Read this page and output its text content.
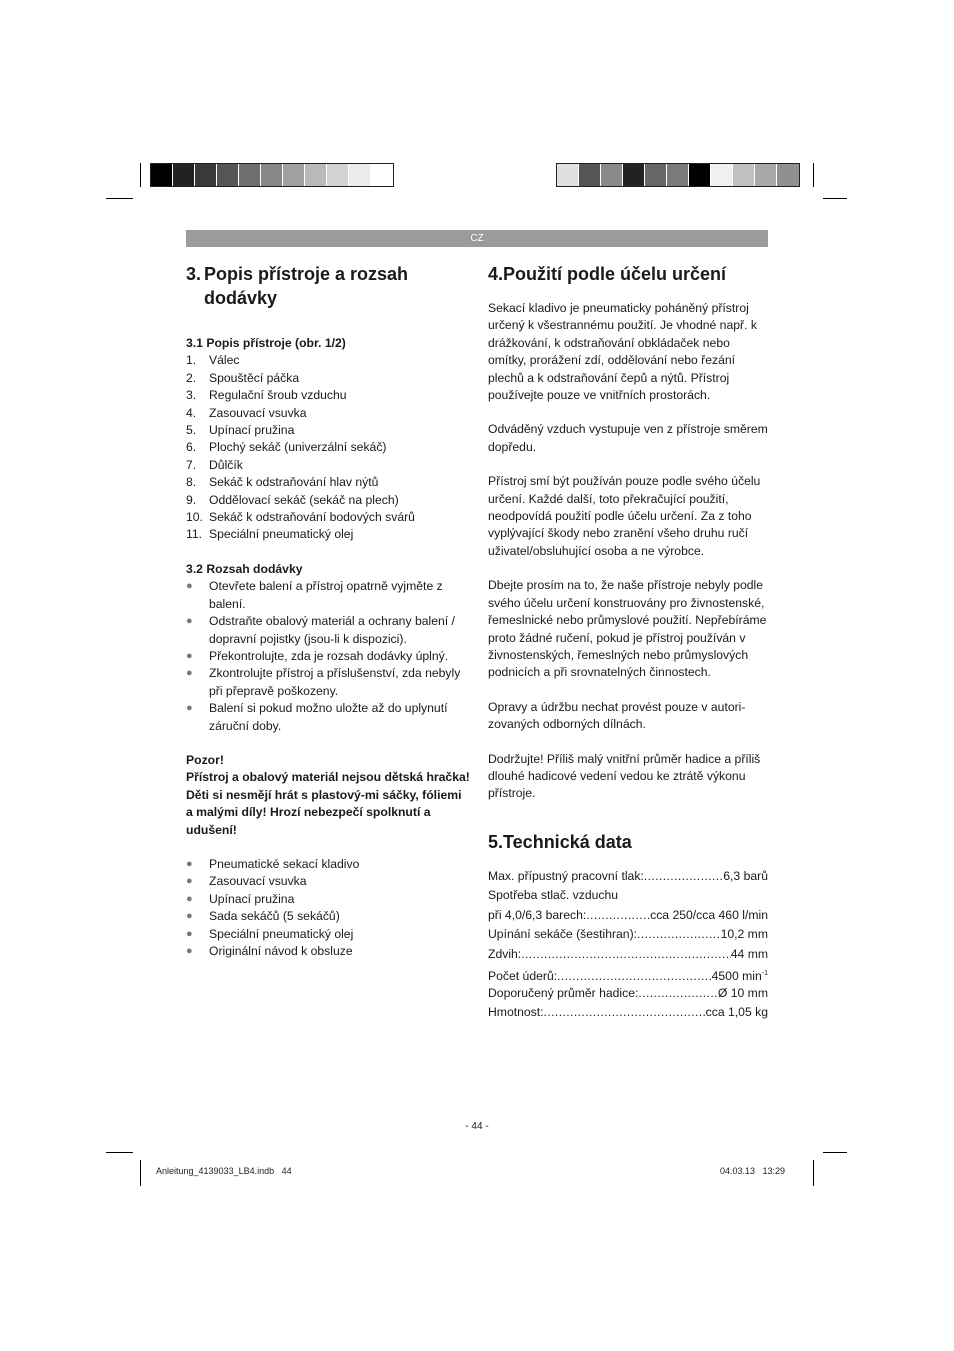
CZ
3. Popis přístroje a rozsah
dodávky

3.1 Popis přístroje (obr. 1/2)

1.	Válec
2.	Spouštěcí páčka
3.	Regulační šroub vzduchu
4.	Zasouvací vsuvka
5.	Upínací pružina
6.	Plochý sekáč (univerzální sekáč)
7.	Důlčík
8.	Sekáč k odstraňování hlav nýtů
9.	Oddělovací sekáč (sekáč na plech)
10. Sekáč k odstraňování bodových svárů
11. Speciální pneumatický olej

3.2 Rozsah dodávky

●	Otevřete balení a přístroj opatrně vyjměte z balení.
●	Odstraňte obalový materiál a ochrany balení / dopravní pojistky (jsou-li k dispozici).
●	Překontrolujte, zda je rozsah dodávky úplný.
●	Zkontrolujte přístroj a příslušenství, zda nebyly při přepravě poškozeny.
●	Balení si pokud možno uložte až do uplynutí záruční doby.

Pozor!

Přístroj a obalový materiál nejsou dětská hračka! Děti si nesmějí hrát s plastový-mi sáčky, fóliemi a malými díly! Hrozí nebezpečí spolknutí a udušení!

●	Pneumatické sekací kladivo
●	Zasouvací vsuvka
●	Upínací pružina
●	Sada sekáčů (5 sekáčů)
●	Speciální pneumatický olej
●	Originální návod k obsluze
4.Použití podle účelu určení

Sekací kladivo je pneumaticky poháněný přístroj určený k všestrannému použití. Je vhodné např. k drážkování, k odstraňování obkládaček nebo omítky, prorážení zdí, oddělování nebo řezání plechů a k odstraňování čepů a nýtů. Přístroj používejte pouze ve vnitřních prostorách.

Odváděný vzduch vystupuje ven z přístroje směrem dopředu.

Přístroj smí být používán pouze podle svého účelu určení. Každé další, toto překračující použití, neodpovídá použití podle účelu určení. Za z toho vyplývající škody nebo zranění všeho druhu ručí uživatel/obsluhující osoba a ne výrobce.

Dbejte prosím na to, že naše přístroje nebyly podle svého účelu určení konstruovány pro živnostenské, řemeslnické nebo průmyslové použití. Nepřebíráme proto žádné ručení, pokud je přístroj používán v živnostenských, řemeslných nebo průmyslových podnicích a při srovnatelných činnostech.

Opravy a údržbu nechat provést pouze v autori-zovaných odborných dílnách.

Dodržujte! Příliš malý vnitřní průměr hadice a příliš dlouhé hadicové vedení vedou ke ztrátě výkonu přístroje.

5.Technická data
Max. přípustný pracovní tlak: .....	6,3 barů
Spotřeba stlač. vzduchu
při 4,0/6,3 barech: .....	cca 250/cca 460 l/min
Upínání sekáče (šestihran): .....	10,2 mm
Zdvih: .....	44 mm
Počet úderů: .....	4500 $\min^{-1}$
Doporučený průměr hadice: .....	Ø 10 mm
Hmotnost: .....	cca 1,05 kg
- 44 -
Anleitung_4139033_LB4.indb   44	04.03.13   13:29
